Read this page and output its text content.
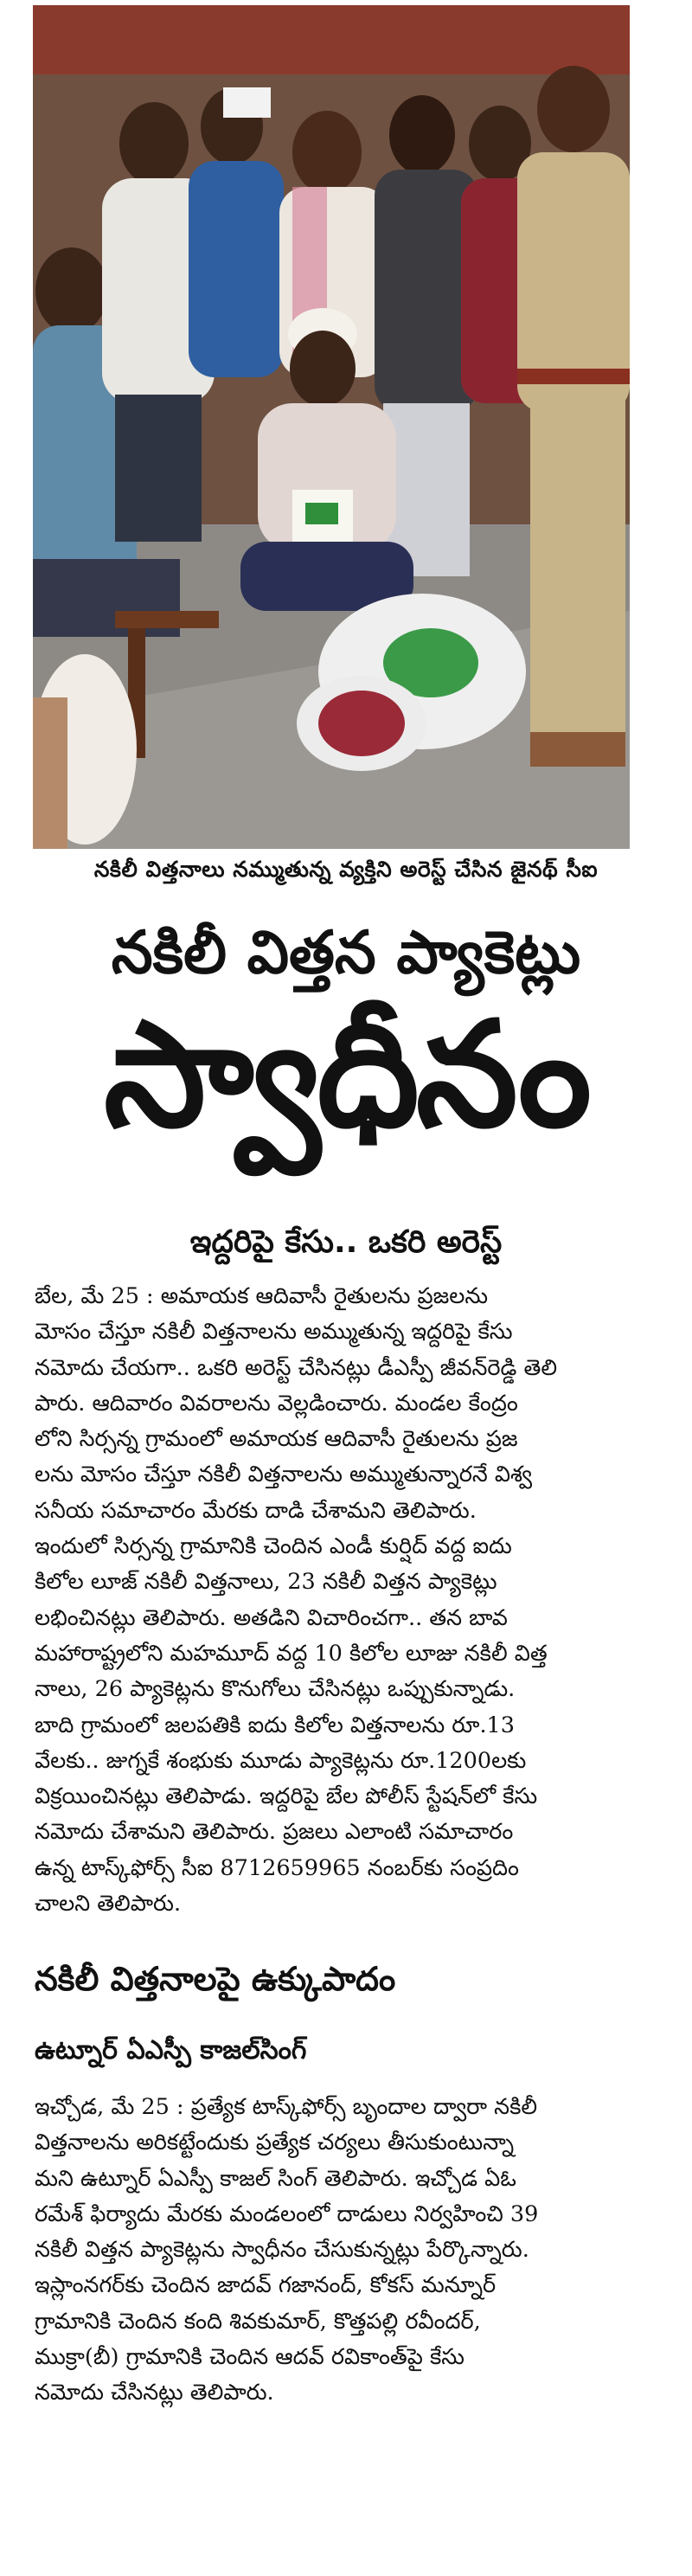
నకిలీ విత్తనాలు నమ్ముతున్న వ్యక్తిని అరెస్ట్ చేసిన జైనథ్ సీఐ
నకిలీ విత్తన ప్యాకెట్లు
స్వాధీనం
ఇద్దరిపై కేసు.. ఒకరి అరెస్ట్
బేల, మే 25 : అమాయక ఆదివాసీ రైతులను ప్రజలను
మోసం చేస్తూ నకిలీ విత్తనాలను అమ్ముతున్న ఇద్దరిపై కేసు
నమోదు చేయగా.. ఒకరి అరెస్ట్ చేసినట్లు డీఎస్పీ జీవన్‌రెడ్డి తెలి
పారు. ఆదివారం వివరాలను వెల్లడించారు. మండల కేంద్రం
లోని సిర్సన్న గ్రామంలో అమాయక ఆదివాసీ రైతులను ప్రజ
లను మోసం చేస్తూ నకిలీ విత్తనాలను అమ్ముతున్నారనే విశ్వ
సనీయ సమాచారం మేరకు దాడి చేశామని తెలిపారు.
ఇందులో సిర్సన్న గ్రామానికి చెందిన ఎండీ కుర్షిద్ వద్ద ఐదు
కిలోల లూజ్ నకిలీ విత్తనాలు, 23 నకిలీ విత్తన ప్యాకెట్లు
లభించినట్లు తెలిపారు. అతడిని విచారించగా.. తన బావ
మహారాష్ట్రలోని మహమూద్ వద్ద 10 కిలోల లూజు నకిలీ విత్త
నాలు, 26 ప్యాకెట్లను కొనుగోలు చేసినట్లు ఒప్పుకున్నాడు.
బాది గ్రామంలో జలపతికి ఐదు కిలోల విత్తనాలను రూ.13
వేలకు.. జుగ్నకే శంభుకు మూడు ప్యాకెట్లను రూ.1200లకు
విక్రయించినట్లు తెలిపాడు. ఇద్దరిపై బేల పోలీస్ స్టేషన్‌లో కేసు
నమోదు చేశామని తెలిపారు. ప్రజలు ఎలాంటి సమాచారం
ఉన్న టాస్క్‌ఫోర్స్ సీఐ 8712659965 నంబర్‌కు సంప్రదిం
చాలని తెలిపారు.
నకిలీ విత్తనాలపై ఉక్కుపాదం
ఉట్నూర్ ఏఎస్పీ కాజల్‌సింగ్
ఇచ్చోడ, మే 25 : ప్రత్యేక టాస్క్‌ఫోర్స్ బృందాల ద్వారా నకిలీ
విత్తనాలను అరికట్టేందుకు ప్రత్యేక చర్యలు తీసుకుంటున్నా
మని ఉట్నూర్ ఏఎస్పీ కాజల్ సింగ్ తెలిపారు. ఇచ్చోడ ఏఓ
రమేశ్ ఫిర్యాదు మేరకు మండలంలో దాడులు నిర్వహించి 39
నకిలీ విత్తన ప్యాకెట్లను స్వాధీనం చేసుకున్నట్లు పేర్కొన్నారు.
ఇస్లాంనగర్‌కు చెందిన జాదవ్ గజానంద్, కోకస్ మన్నూర్
గ్రామానికి చెందిన కంది శివకుమార్, కొత్తపల్లి రవీందర్,
ముక్రా(బీ) గ్రామానికి చెందిన ఆదవ్ రవికాంత్‌పై కేసు
నమోదు చేసినట్లు తెలిపారు.
